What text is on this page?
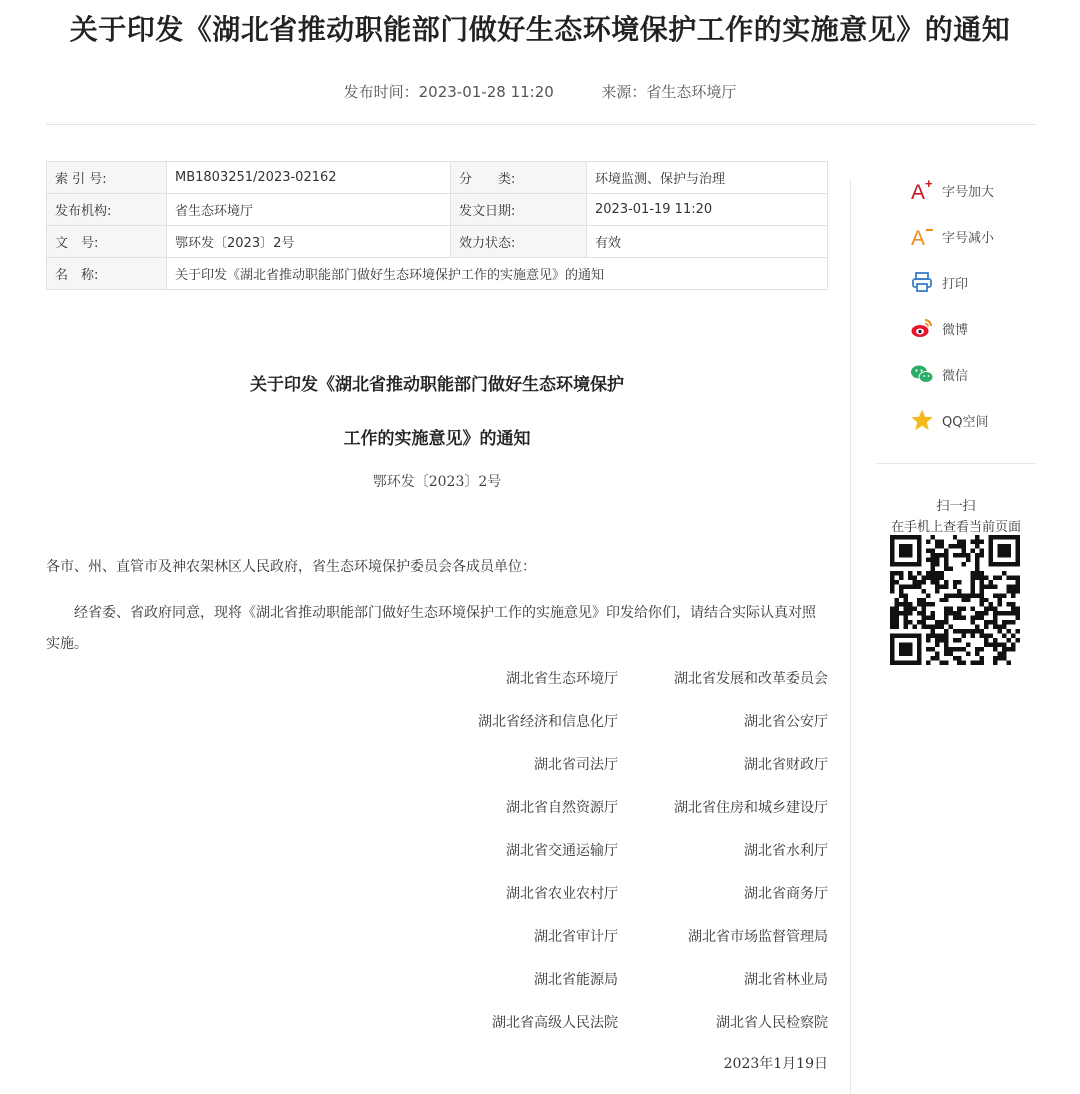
关于印发《湖北省推动职能部门做好生态环境保护工作的实施意见》的通知
发布时间：2023-01-28 11:20	来源：省生态环境厅
索 引 号:	MB1803251/2023-02162	分　　类:	环境监测、保护与治理
发布机构:	省生态环境厅	发文日期:	2023-01-19 11:20
文　号:	鄂环发〔2023〕2号	效力状态:	有效
名　称:	关于印发《湖北省推动职能部门做好生态环境保护工作的实施意见》的通知		
关于印发《湖北省推动职能部门做好生态环境保护
工作的实施意见》的通知
鄂环发〔2023〕2号
各市、州、直管市及神农架林区人民政府，省生态环境保护委员会各成员单位：
经省委、省政府同意，现将《湖北省推动职能部门做好生态环境保护工作的实施意见》印发给你们，请结合实际认真对照实施。
湖北省生态环境厅	湖北省发展和改革委员会
湖北省经济和信息化厅	湖北省公安厅
湖北省司法厅	湖北省财政厅
湖北省自然资源厅	湖北省住房和城乡建设厅
湖北省交通运输厅	湖北省水利厅
湖北省农业农村厅	湖北省商务厅
湖北省审计厅	湖北省市场监督管理局
湖北省能源局	湖北省林业局
湖北省高级人民法院	湖北省人民检察院
2023年1月19日
A +
字号加大
A 字号减小
打印
微博
微信
QQ空间
扫一扫
在手机上查看当前页面
